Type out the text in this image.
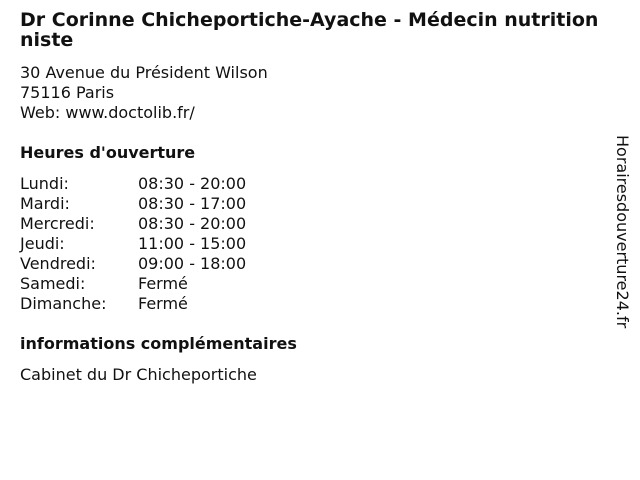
Dr Corinne Chicheportiche-Ayache - Médecin nutritionniste
30 Avenue du Président Wilson
75116 Paris
Web: www.doctolib.fr/
Heures d'ouverture
Lundi:	08:30 - 20:00
Mardi:	08:30 - 17:00
Mercredi:	08:30 - 20:00
Jeudi:	11:00 - 15:00
Vendredi:	09:00 - 18:00
Samedi:	Fermé
Dimanche:	Fermé
informations complémentaires
Cabinet du Dr Chicheportiche
Horairesdouverture24.fr
